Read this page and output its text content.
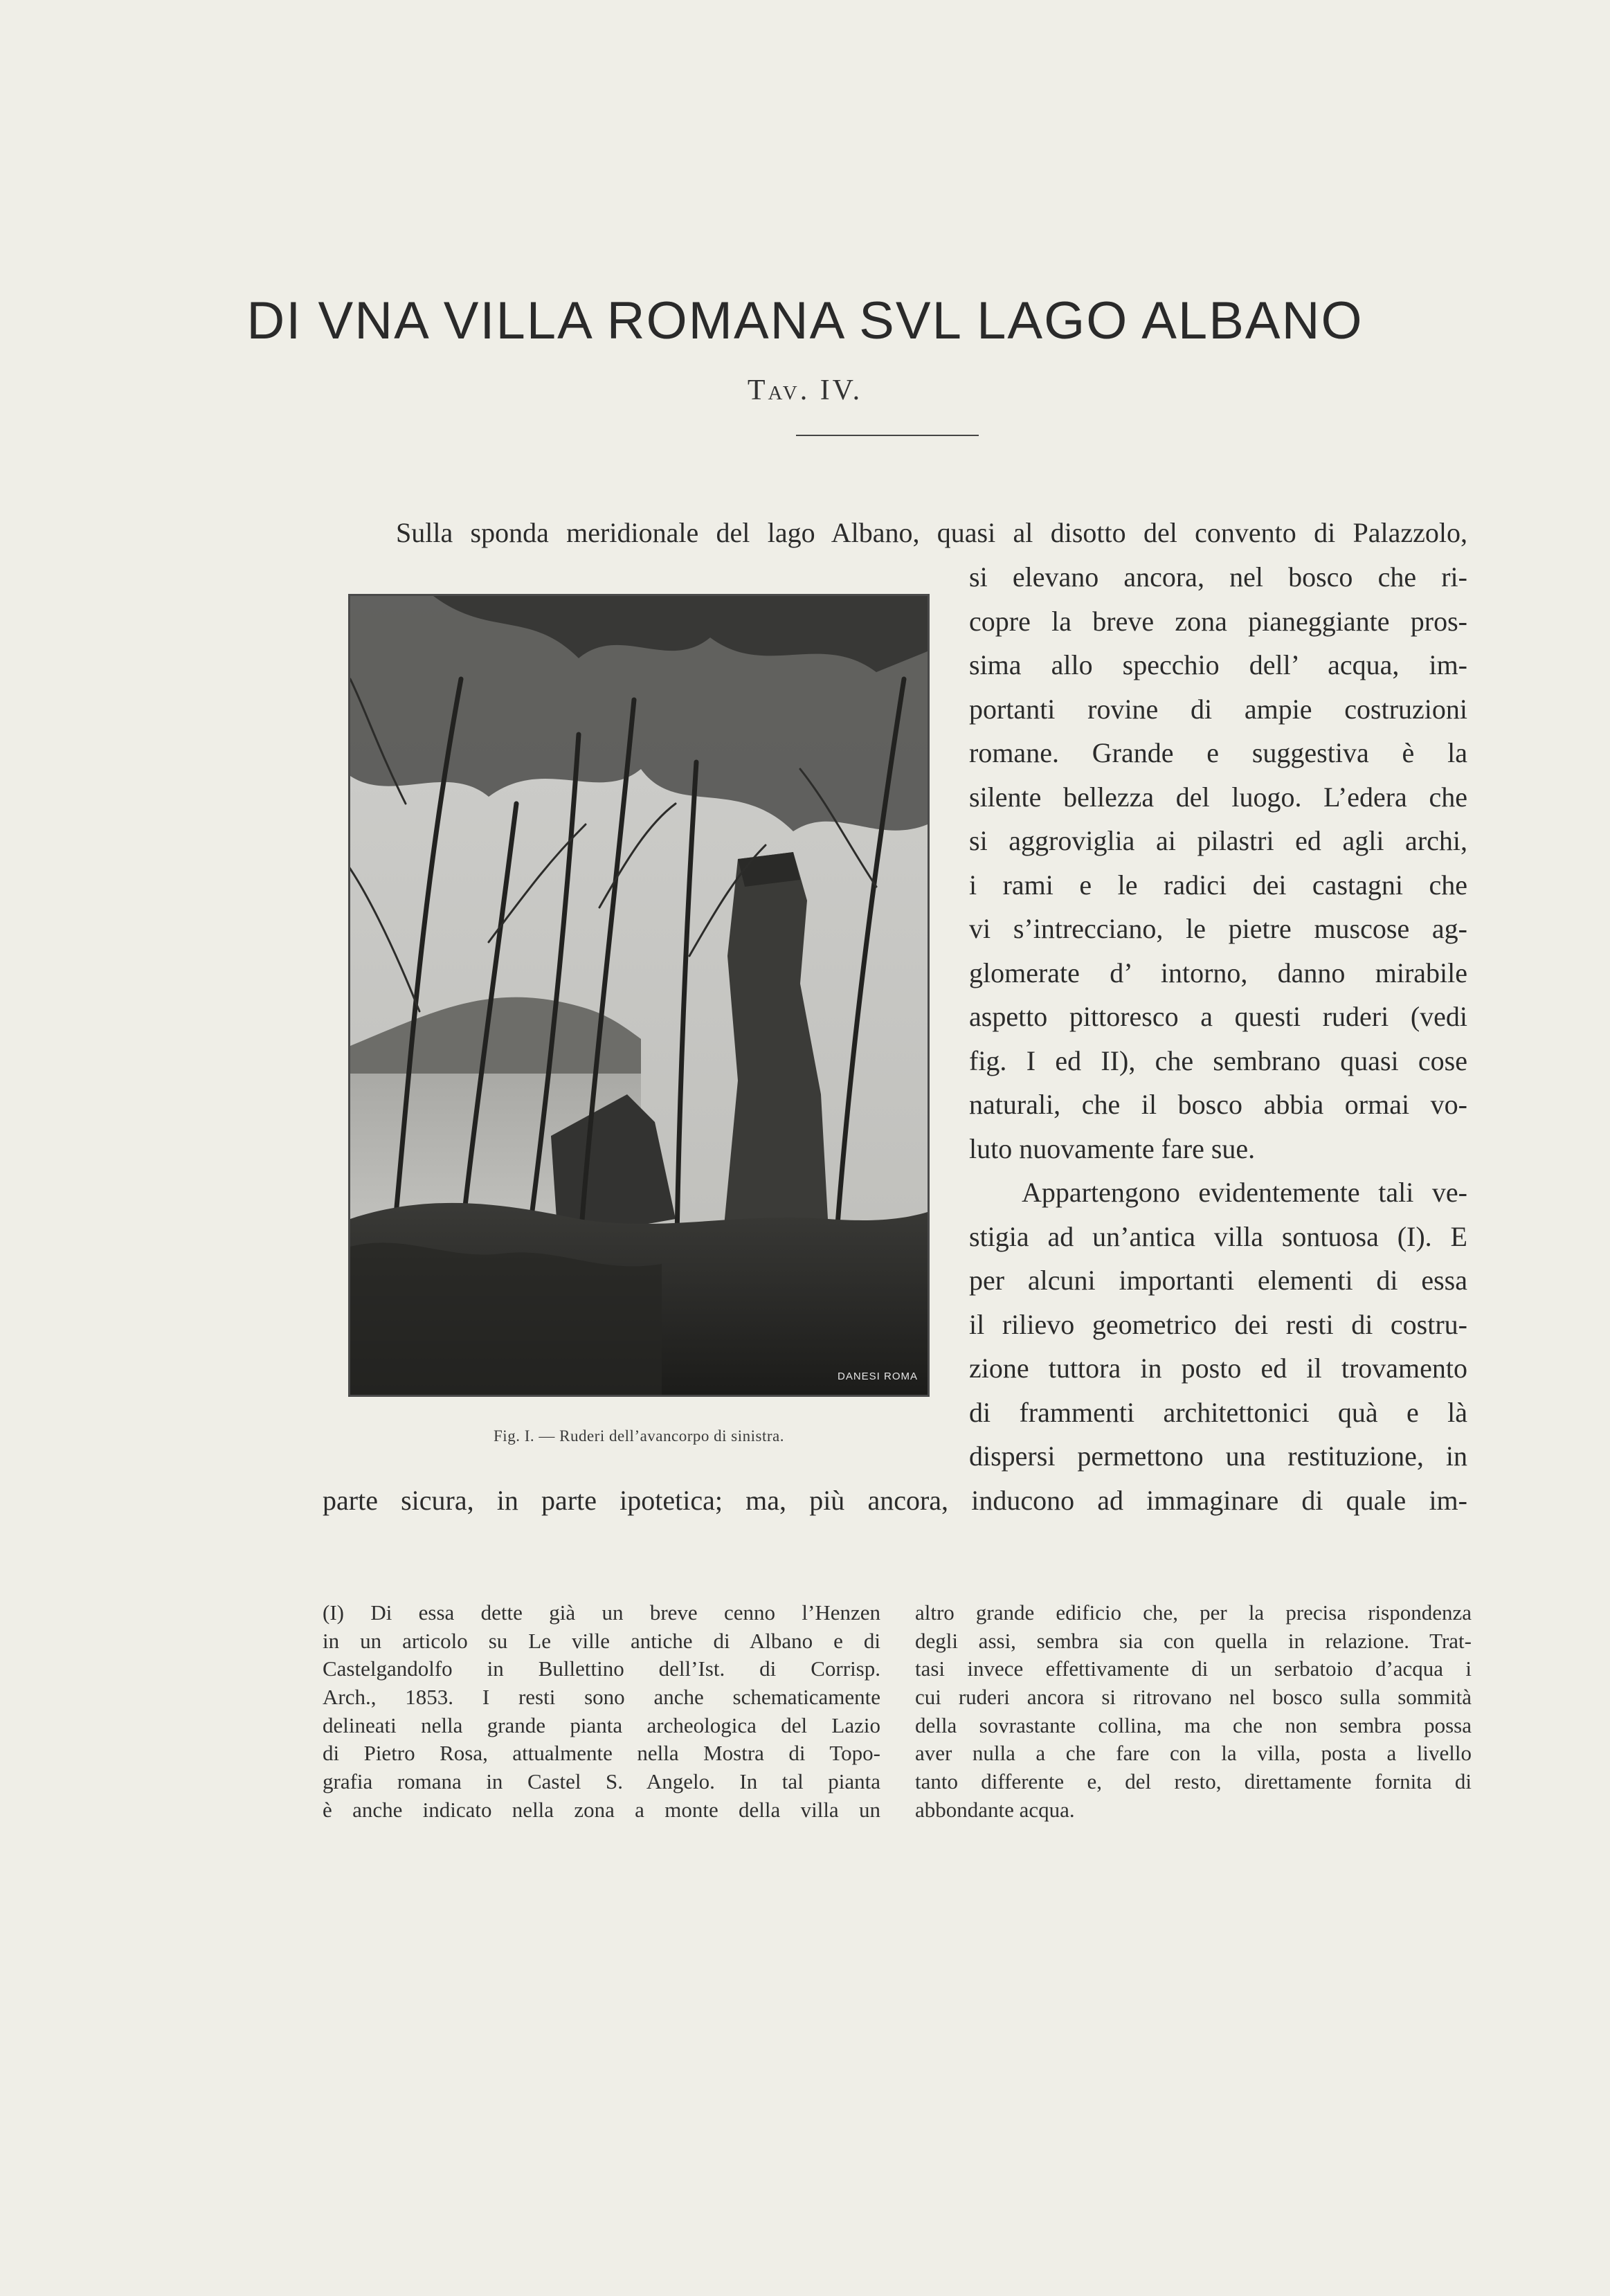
DI VNA VILLA ROMANA SVL LAGO ALBANO
Tav. IV.
Sulla sponda meridionale del lago Albano, quasi al disotto del convento di Palazzolo,
si elevano ancora, nel bosco che ri-
copre la breve zona pianeggiante pros-
sima allo specchio dell’ acqua, im-
portanti rovine di ampie costruzioni
romane. Grande e suggestiva è la
silente bellezza del luogo. L’edera che
si aggroviglia ai pilastri ed agli archi,
i rami e le radici dei castagni che
vi s’intrecciano, le pietre muscose ag-
glomerate d’ intorno, danno mirabile
aspetto pittoresco a questi ruderi (vedi
fig. I ed II), che sembrano quasi cose
naturali, che il bosco abbia ormai vo-
luto nuovamente fare sue.
Appartengono evidentemente tali ve-
stigia ad un’antica villa sontuosa (I). E
per alcuni importanti elementi di essa
il rilievo geometrico dei resti di costru-
zione tuttora in posto ed il trovamento
di frammenti architettonici quà e là
dispersi permettono una restituzione, in
parte sicura, in parte ipotetica; ma, più ancora, inducono ad immaginare di quale im-
DANESI ROMA
Fig. I. — Ruderi dell’avancorpo di sinistra.
(I) Di essa dette già un breve cenno l’Henzen
in un articolo su Le ville antiche di Albano e di
Castelgandolfo in Bullettino dell’Ist. di Corrisp.
Arch., 1853. I resti sono anche schematicamente
delineati nella grande pianta archeologica del Lazio
di Pietro Rosa, attualmente nella Mostra di Topo-
grafia romana in Castel S. Angelo. In tal pianta
è anche indicato nella zona a monte della villa un
altro grande edificio che, per la precisa rispondenza
degli assi, sembra sia con quella in relazione. Trat-
tasi invece effettivamente di un serbatoio d’acqua i
cui ruderi ancora si ritrovano nel bosco sulla sommità
della sovrastante collina, ma che non sembra possa
aver nulla a che fare con la villa, posta a livello
tanto differente e, del resto, direttamente fornita di
abbondante acqua.
